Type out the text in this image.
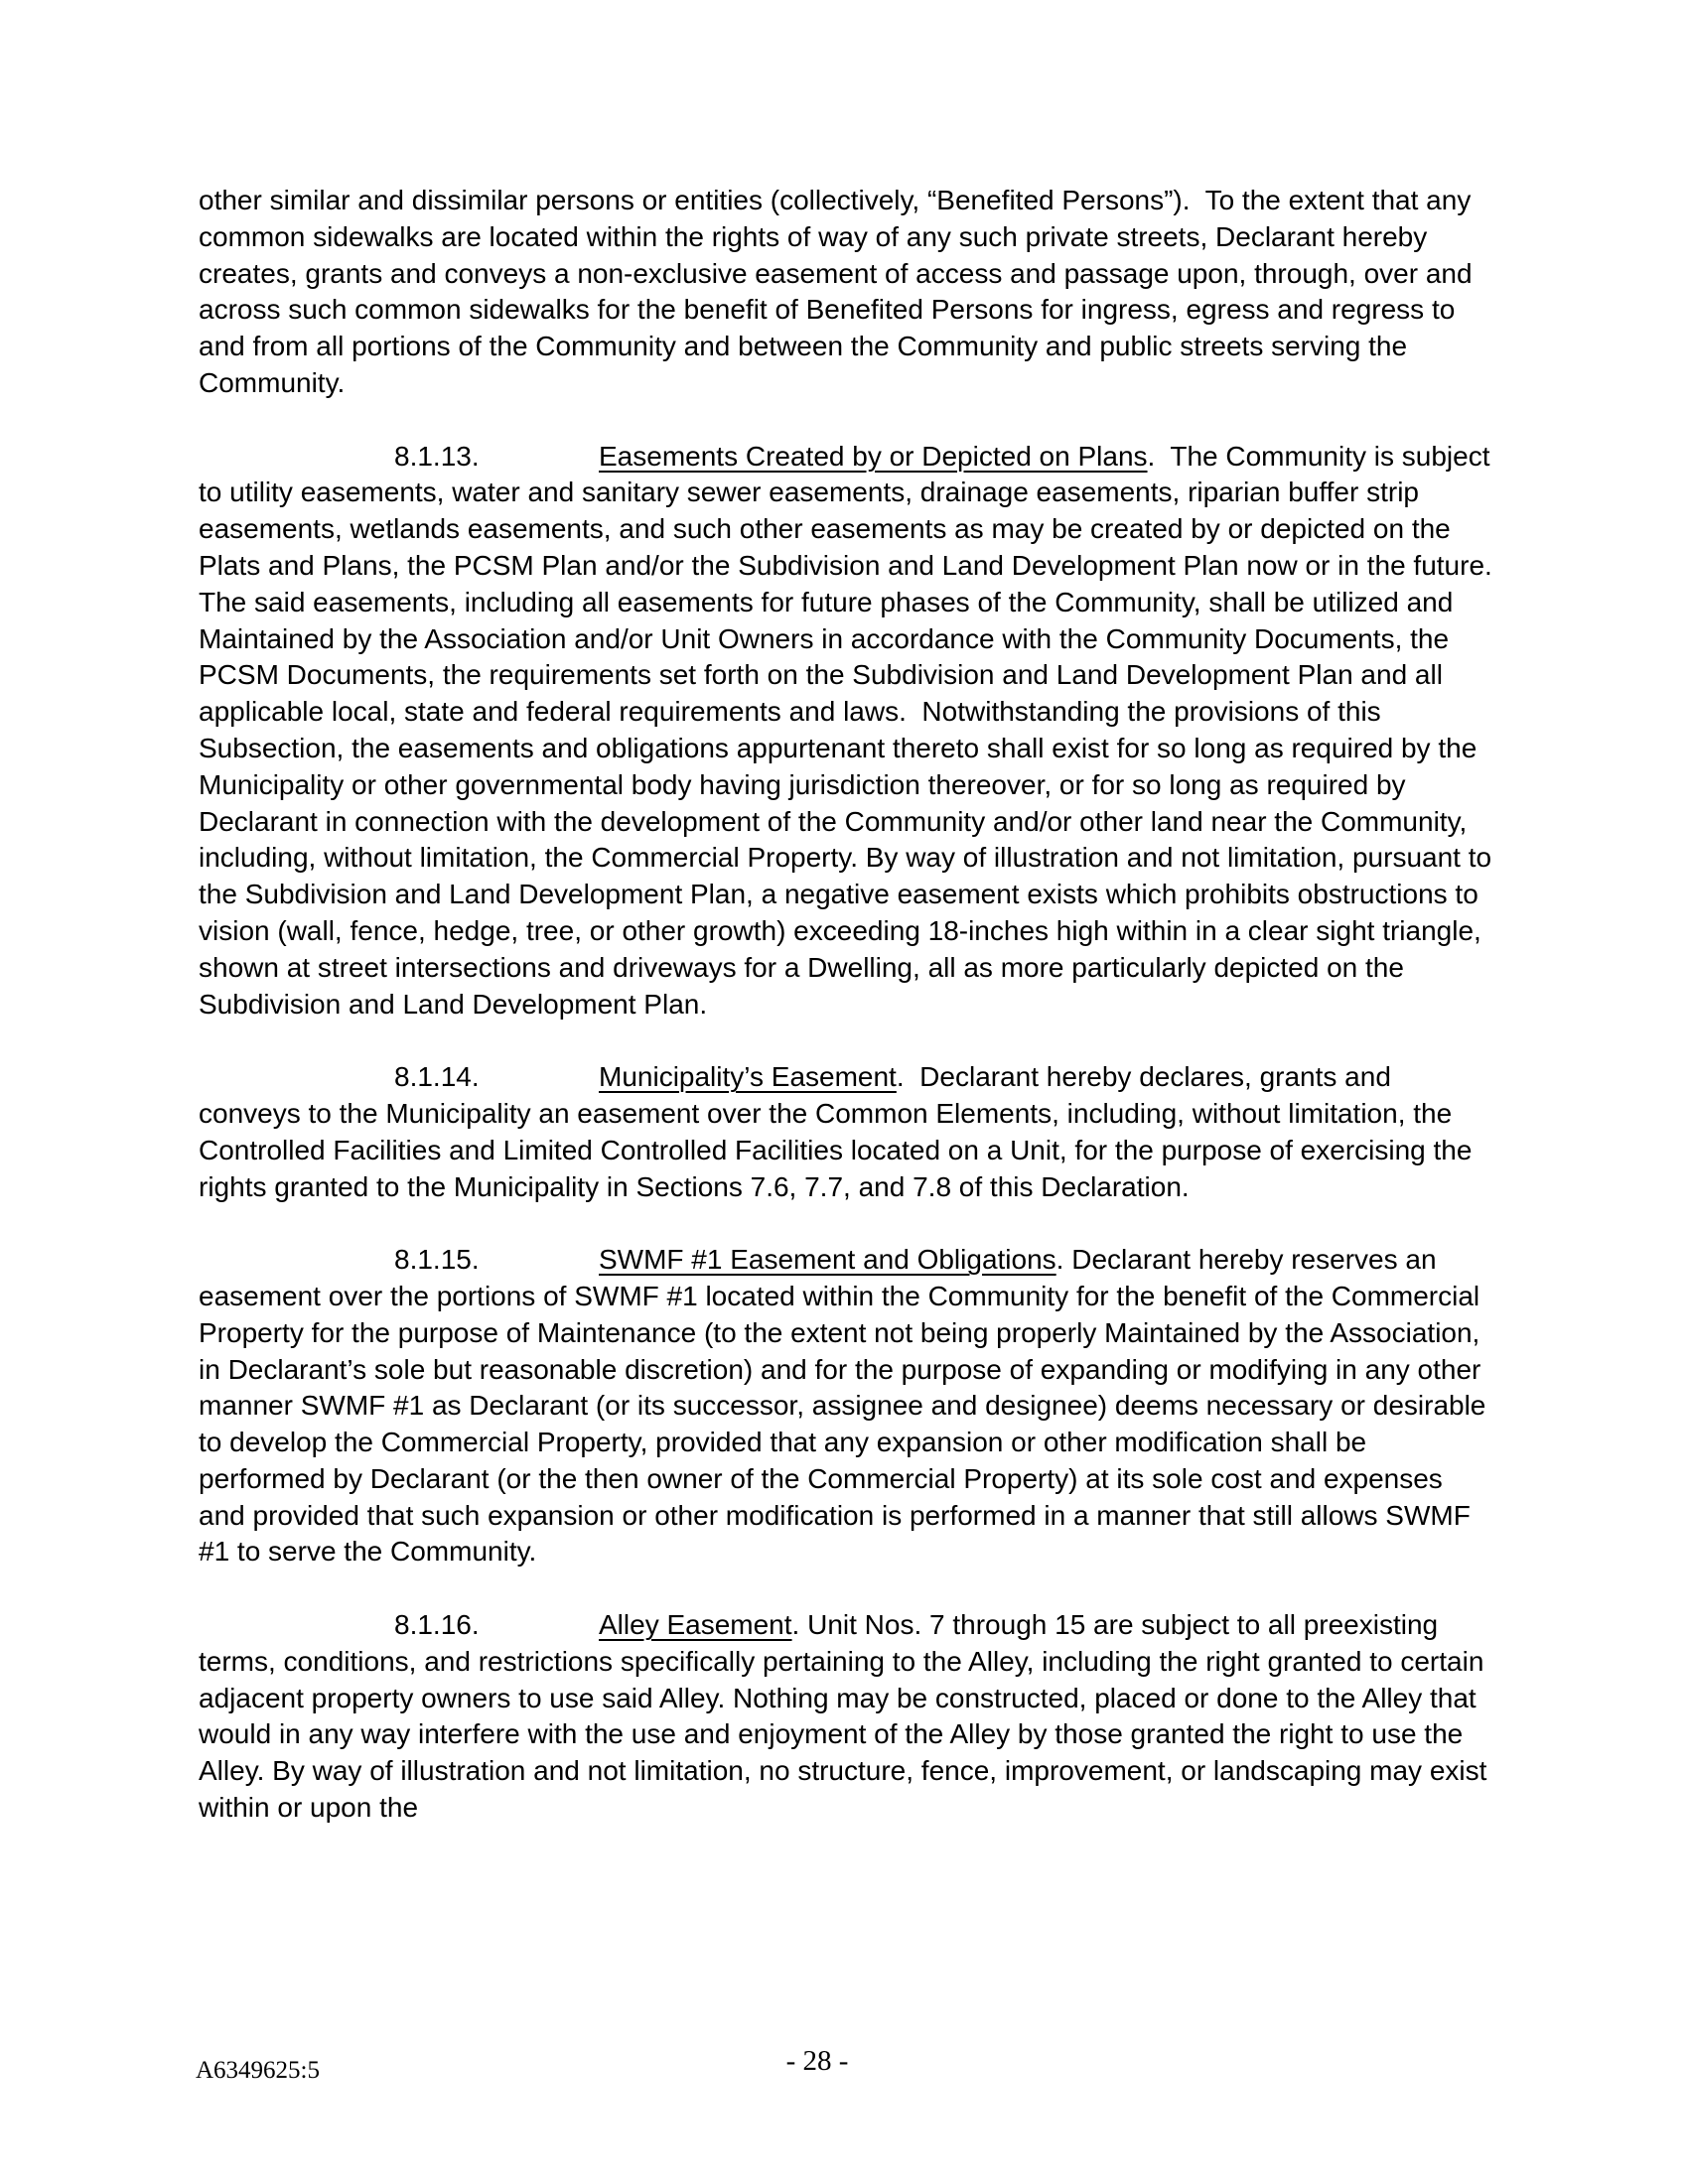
other similar and dissimilar persons or entities (collectively, “Benefited Persons”).  To the extent that any common sidewalks are located within the rights of way of any such private streets, Declarant hereby creates, grants and conveys a non-exclusive easement of access and passage upon, through, over and across such common sidewalks for the benefit of Benefited Persons for ingress, egress and regress to and from all portions of the Community and between the Community and public streets serving the Community.

8.1.13.	Easements Created by or Depicted on Plans.  The Community is subject to utility easements, water and sanitary sewer easements, drainage easements, riparian buffer strip easements, wetlands easements, and such other easements as may be created by or depicted on the Plats and Plans, the PCSM Plan and/or the Subdivision and Land Development Plan now or in the future.  The said easements, including all easements for future phases of the Community, shall be utilized and Maintained by the Association and/or Unit Owners in accordance with the Community Documents, the PCSM Documents, the requirements set forth on the Subdivision and Land Development Plan and all applicable local, state and federal requirements and laws.  Notwithstanding the provisions of this Subsection, the easements and obligations appurtenant thereto shall exist for so long as required by the Municipality or other governmental body having jurisdiction thereover, or for so long as required by Declarant in connection with the development of the Community and/or other land near the Community, including, without limitation, the Commercial Property. By way of illustration and not limitation, pursuant to the Subdivision and Land Development Plan, a negative easement exists which prohibits obstructions to vision (wall, fence, hedge, tree, or other growth) exceeding 18-inches high within in a clear sight triangle, shown at street intersections and driveways for a Dwelling, all as more particularly depicted on the Subdivision and Land Development Plan.

8.1.14.	Municipality’s Easement.  Declarant hereby declares, grants and conveys to the Municipality an easement over the Common Elements, including, without limitation, the Controlled Facilities and Limited Controlled Facilities located on a Unit, for the purpose of exercising the rights granted to the Municipality in Sections 7.6, 7.7, and 7.8 of this Declaration.

8.1.15.	SWMF #1 Easement and Obligations. Declarant hereby reserves an easement over the portions of SWMF #1 located within the Community for the benefit of the Commercial Property for the purpose of Maintenance (to the extent not being properly Maintained by the Association, in Declarant’s sole but reasonable discretion) and for the purpose of expanding or modifying in any other manner SWMF #1 as Declarant (or its successor, assignee and designee) deems necessary or desirable to develop the Commercial Property, provided that any expansion or other modification shall be performed by Declarant (or the then owner of the Commercial Property) at its sole cost and expenses and provided that such expansion or other modification is performed in a manner that still allows SWMF #1 to serve the Community.

8.1.16.	Alley Easement. Unit Nos. 7 through 15 are subject to all preexisting terms, conditions, and restrictions specifically pertaining to the Alley, including the right granted to certain adjacent property owners to use said Alley. Nothing may be constructed, placed or done to the Alley that would in any way interfere with the use and enjoyment of the Alley by those granted the right to use the Alley. By way of illustration and not limitation, no structure, fence, improvement, or landscaping may exist within or upon the

A6349625:5	- 28 -
